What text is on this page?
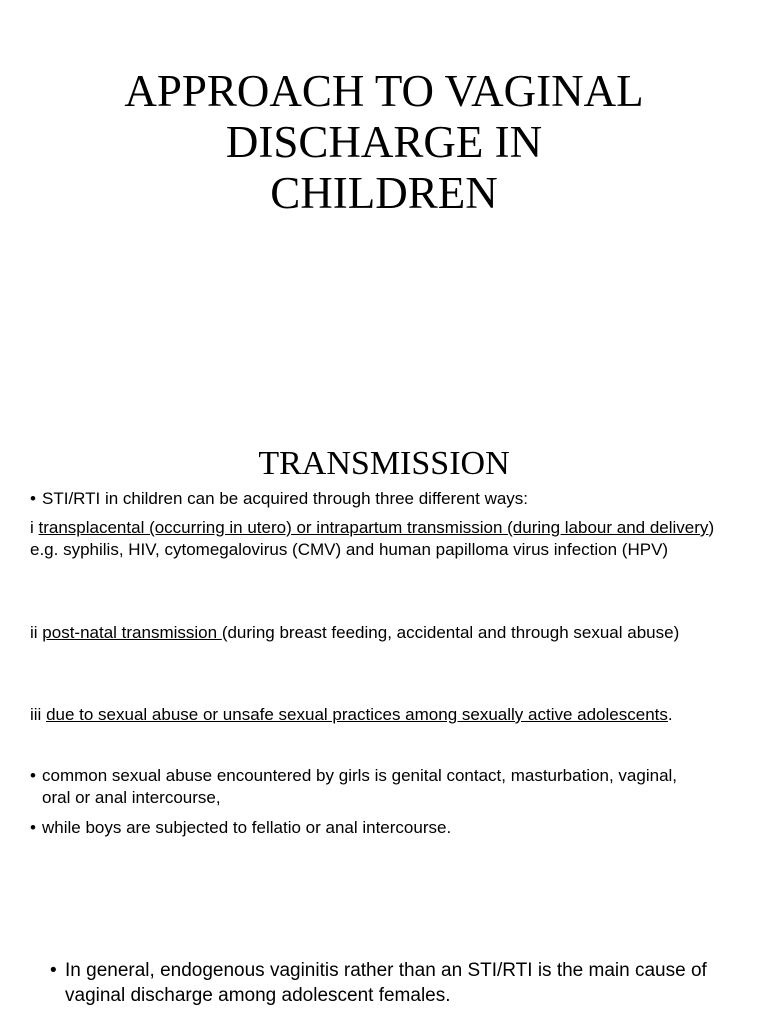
APPROACH TO VAGINAL
DISCHARGE IN
CHILDREN
TRANSMISSION
• STI/RTI in children can be acquired through three different ways:

i transplacental (occurring in utero) or intrapartum transmission (during labour and delivery) e.g. syphilis, HIV, cytomegalovirus (CMV) and human papilloma virus infection (HPV)

ii post-natal transmission (during breast feeding, accidental and through sexual abuse)

iii due to sexual abuse or unsafe sexual practices among sexually active adolescents.

• common sexual abuse encountered by girls is genital contact, masturbation, vaginal, oral or anal intercourse,
• while boys are subjected to fellatio or anal intercourse.
• In general, endogenous vaginitis rather than an STI/RTI is the main cause of vaginal discharge among adolescent females.
